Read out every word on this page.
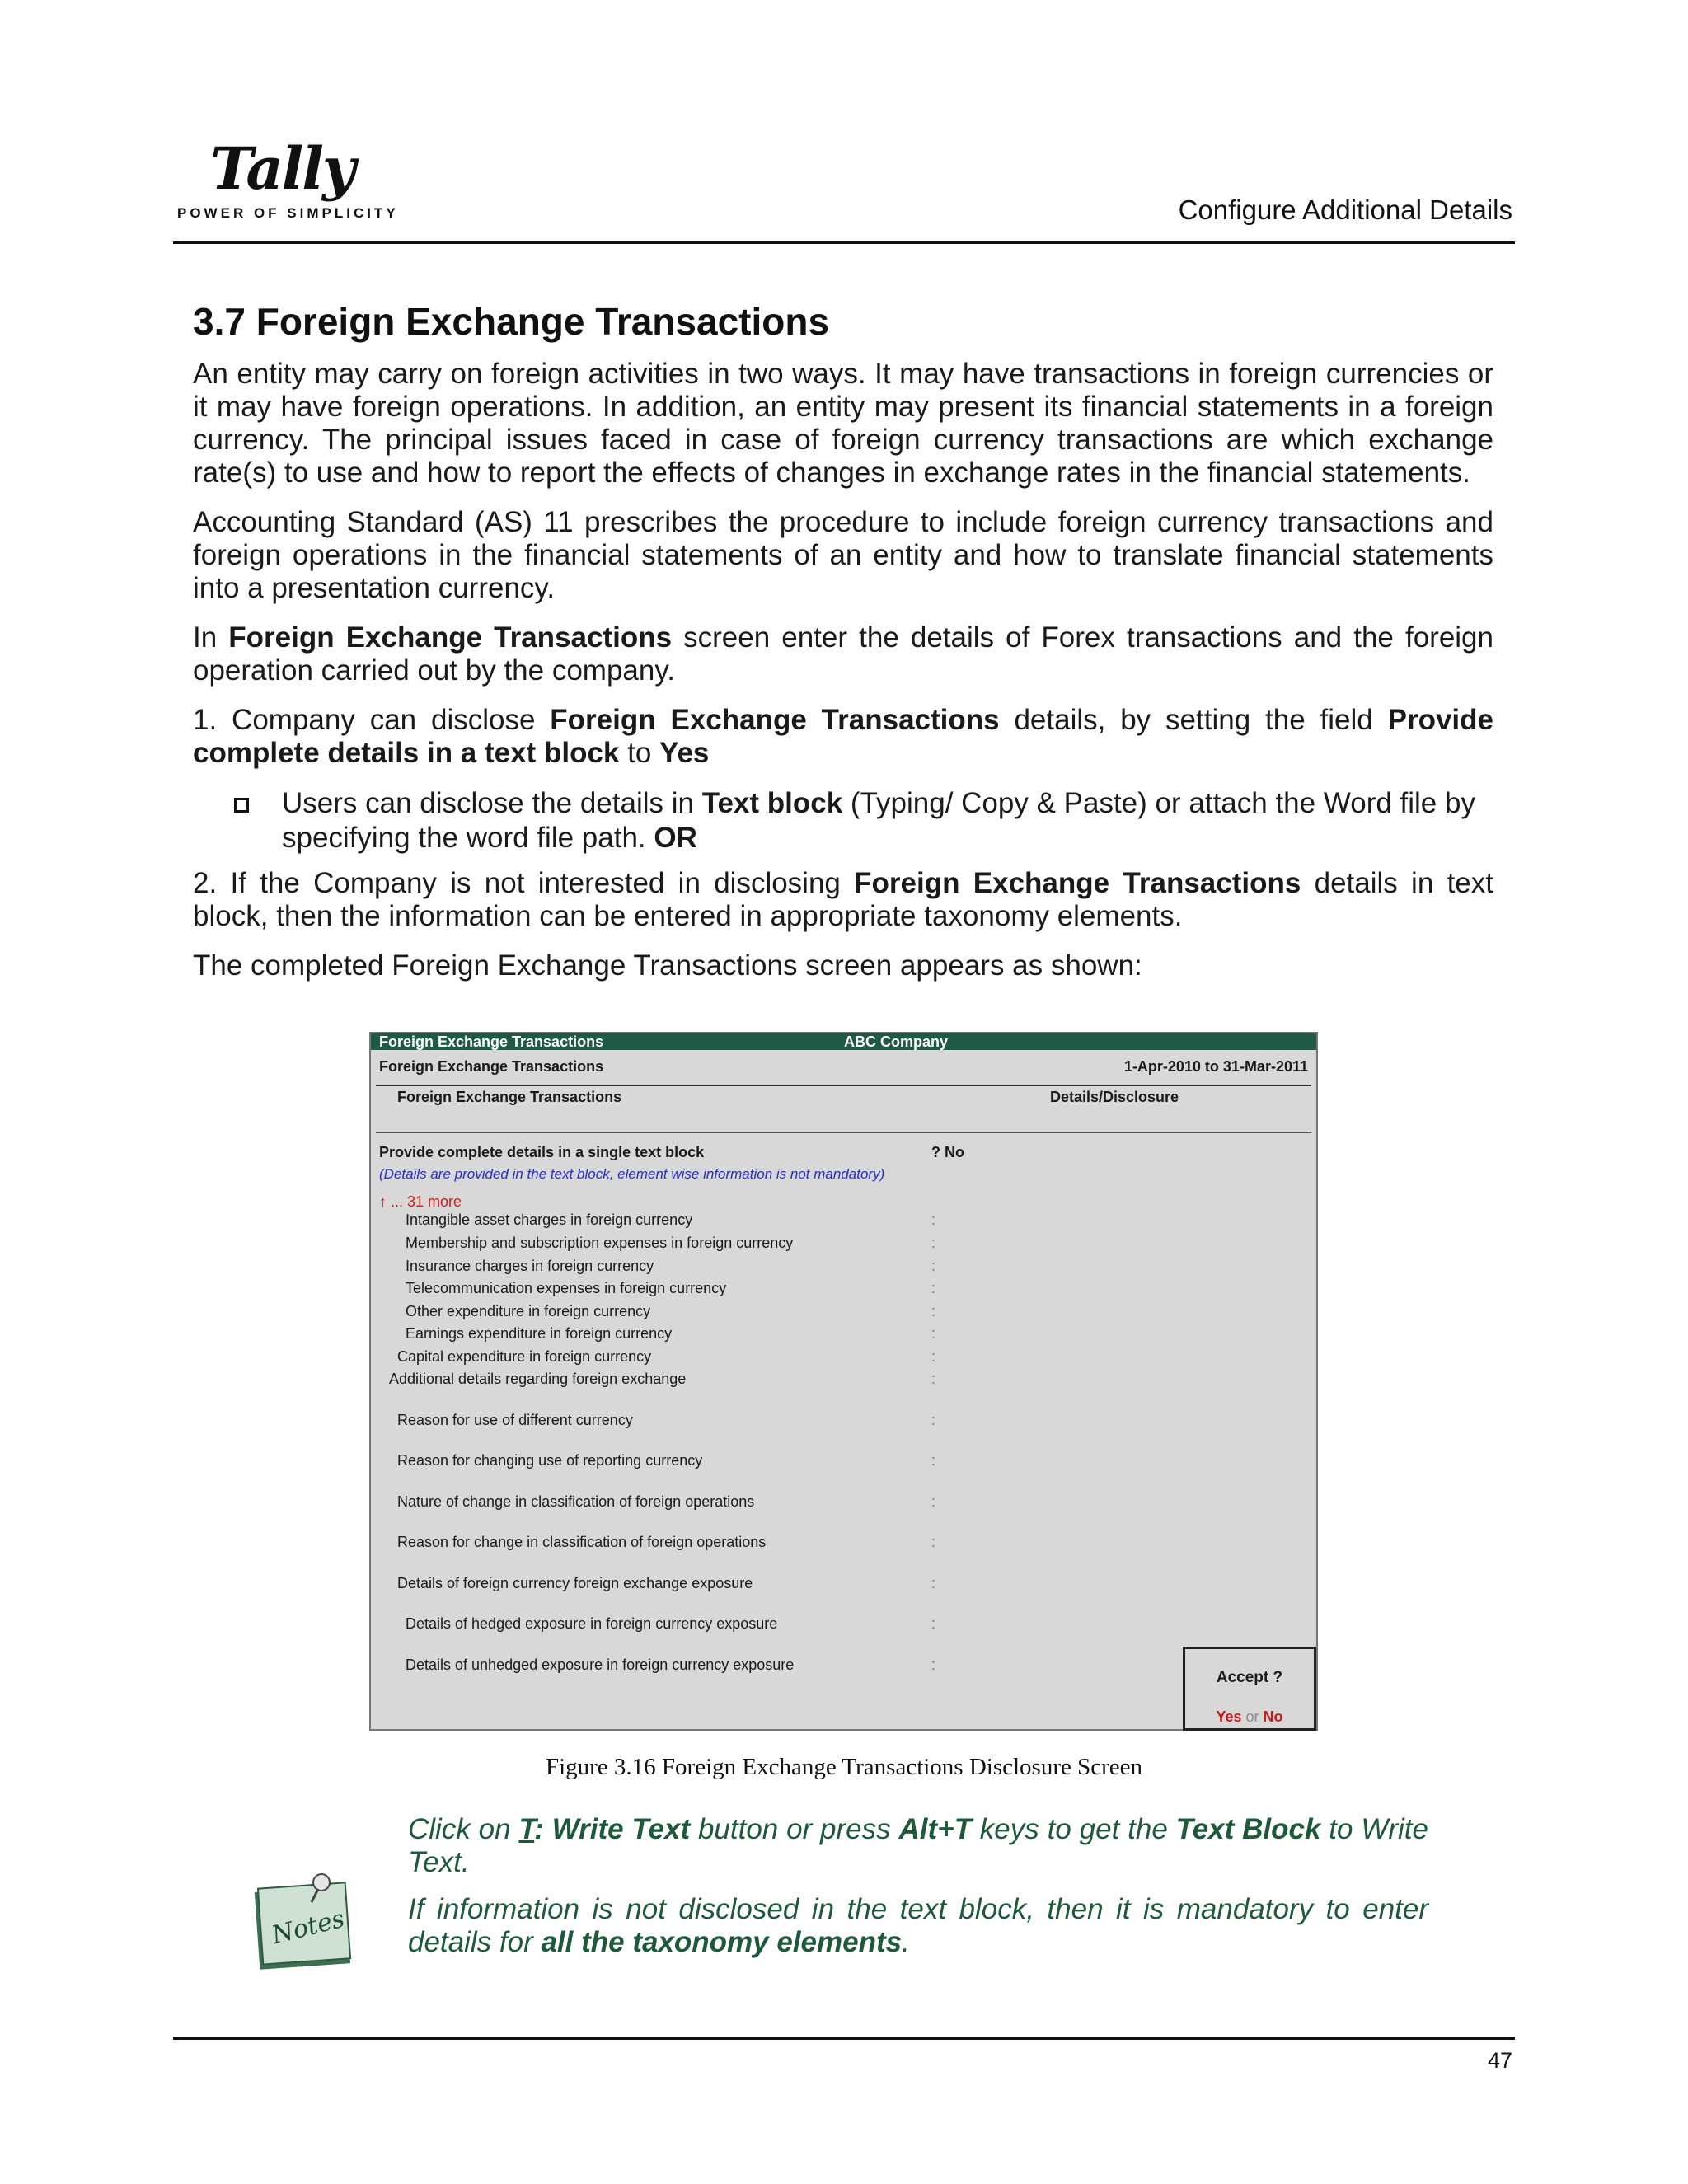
Tally
POWER OF SIMPLICITY	Configure Additional Details
3.7 Foreign Exchange Transactions

An entity may carry on foreign activities in two ways. It may have transactions in foreign currencies or it may have foreign operations. In addition, an entity may present its financial statements in a foreign currency. The principal issues faced in case of foreign currency transactions are which exchange rate(s) to use and how to report the effects of changes in exchange rates in the financial statements.

Accounting Standard (AS) 11 prescribes the procedure to include foreign currency transactions and foreign operations in the financial statements of an entity and how to translate financial statements into a presentation currency.

In Foreign Exchange Transactions screen enter the details of Forex transactions and the foreign operation carried out by the company.

1. Company can disclose Foreign Exchange Transactions details, by setting the field Provide complete details in a text block to Yes

Users can disclose the details in Text block (Typing/ Copy & Paste) or attach the Word file by specifying the word file path. OR

2. If the Company is not interested in disclosing Foreign Exchange Transactions details in text block, then the information can be entered in appropriate taxonomy elements.

The completed Foreign Exchange Transactions screen appears as shown:

Foreign Exchange Transactions	ABC Company
Foreign Exchange Transactions	1-Apr-2010 to 31-Mar-2011
Foreign Exchange Transactions	Details/Disclosure
Provide complete details in a single text block	? No
(Details are provided in the text block, element wise information is not mandatory)
↑ ... 31 more
Intangible asset charges in foreign currency	:
Membership and subscription expenses in foreign currency	:
Insurance charges in foreign currency	:
Telecommunication expenses in foreign currency	:
Other expenditure in foreign currency	:
Earnings expenditure in foreign currency	:
Capital expenditure in foreign currency	:
Additional details regarding foreign exchange	:
Reason for use of different currency	:
Reason for changing use of reporting currency	:
Nature of change in classification of foreign operations	:
Reason for change in classification of foreign operations	:
Details of foreign currency foreign exchange exposure	:
Details of hedged exposure in foreign currency exposure	:
Details of unhedged exposure in foreign currency exposure	:
Accept ?
Yes or No
Figure 3.16 Foreign Exchange Transactions Disclosure Screen
Notes

Click on T: Write Text button or press Alt+T keys to get the Text Block to Write Text.

If information is not disclosed in the text block, then it is mandatory to enter details for all the taxonomy elements.

47
